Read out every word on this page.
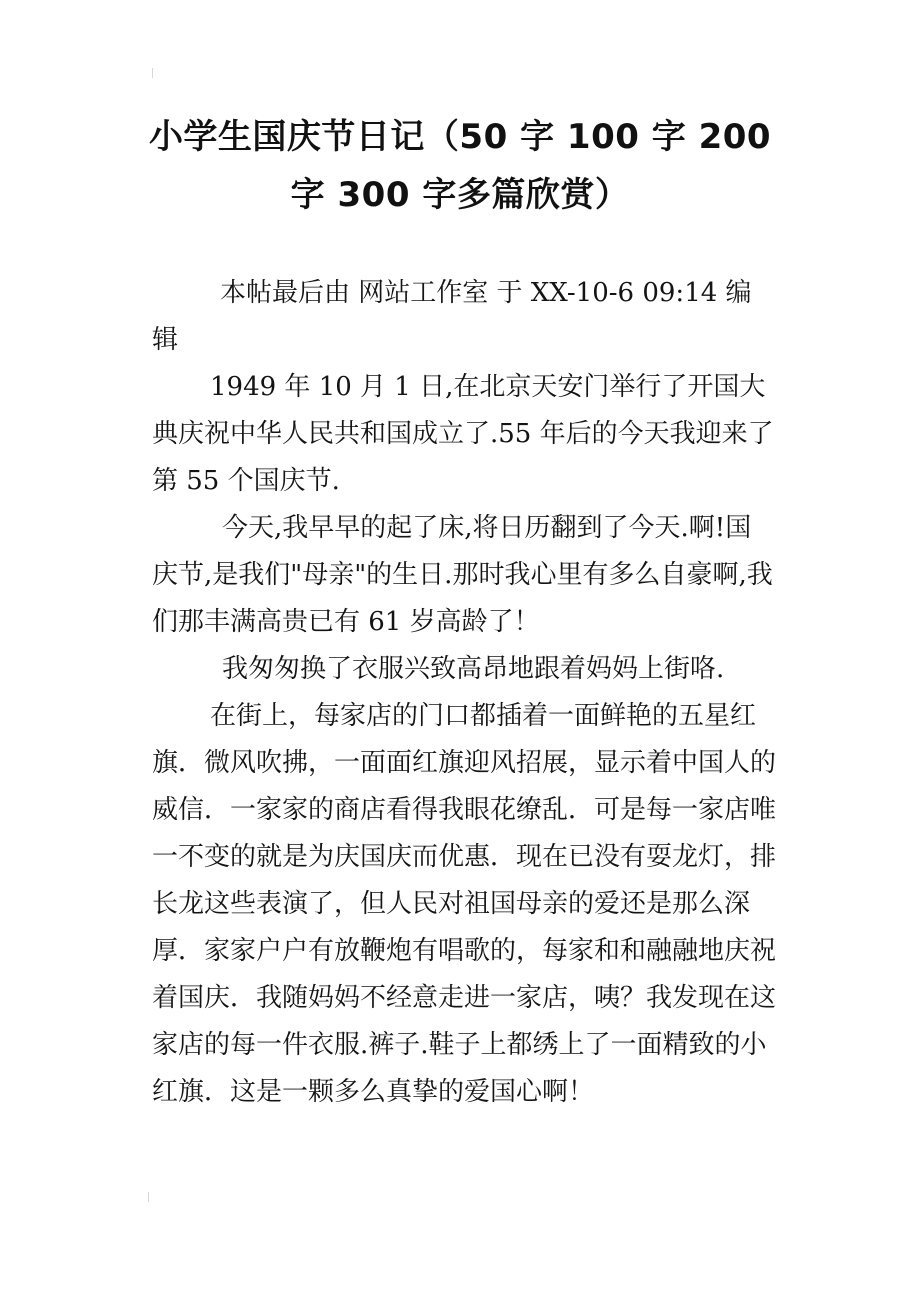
小学生国庆节日记（50 字 100 字 200
字 300 字多篇欣赏）

本帖最后由 网站工作室 于 XX-10-6 09:14 编辑

1949 年 10 月 1 日,在北京天安门举行了开国大典庆祝中华人民共和国成立了.55 年后的今天我迎来了第 55 个国庆节.

今天,我早早的起了床,将日历翻到了今天.啊!国庆节,是我们"母亲"的生日.那时我心里有多么自豪啊,我们那丰满高贵已有 61 岁高龄了！

我匆匆换了衣服兴致高昂地跟着妈妈上街咯.

在街上，每家店的门口都插着一面鲜艳的五星红旗．微风吹拂，一面面红旗迎风招展，显示着中国人的威信．一家家的商店看得我眼花缭乱．可是每一家店唯一不变的就是为庆国庆而优惠．现在已没有耍龙灯，排长龙这些表演了，但人民对祖国母亲的爱还是那么深厚．家家户户有放鞭炮有唱歌的，每家和和融融地庆祝着国庆．我随妈妈不经意走进一家店，咦？我发现在这家店的每一件衣服.裤子.鞋子上都绣上了一面精致的小红旗．这是一颗多么真挚的爱国心啊！
